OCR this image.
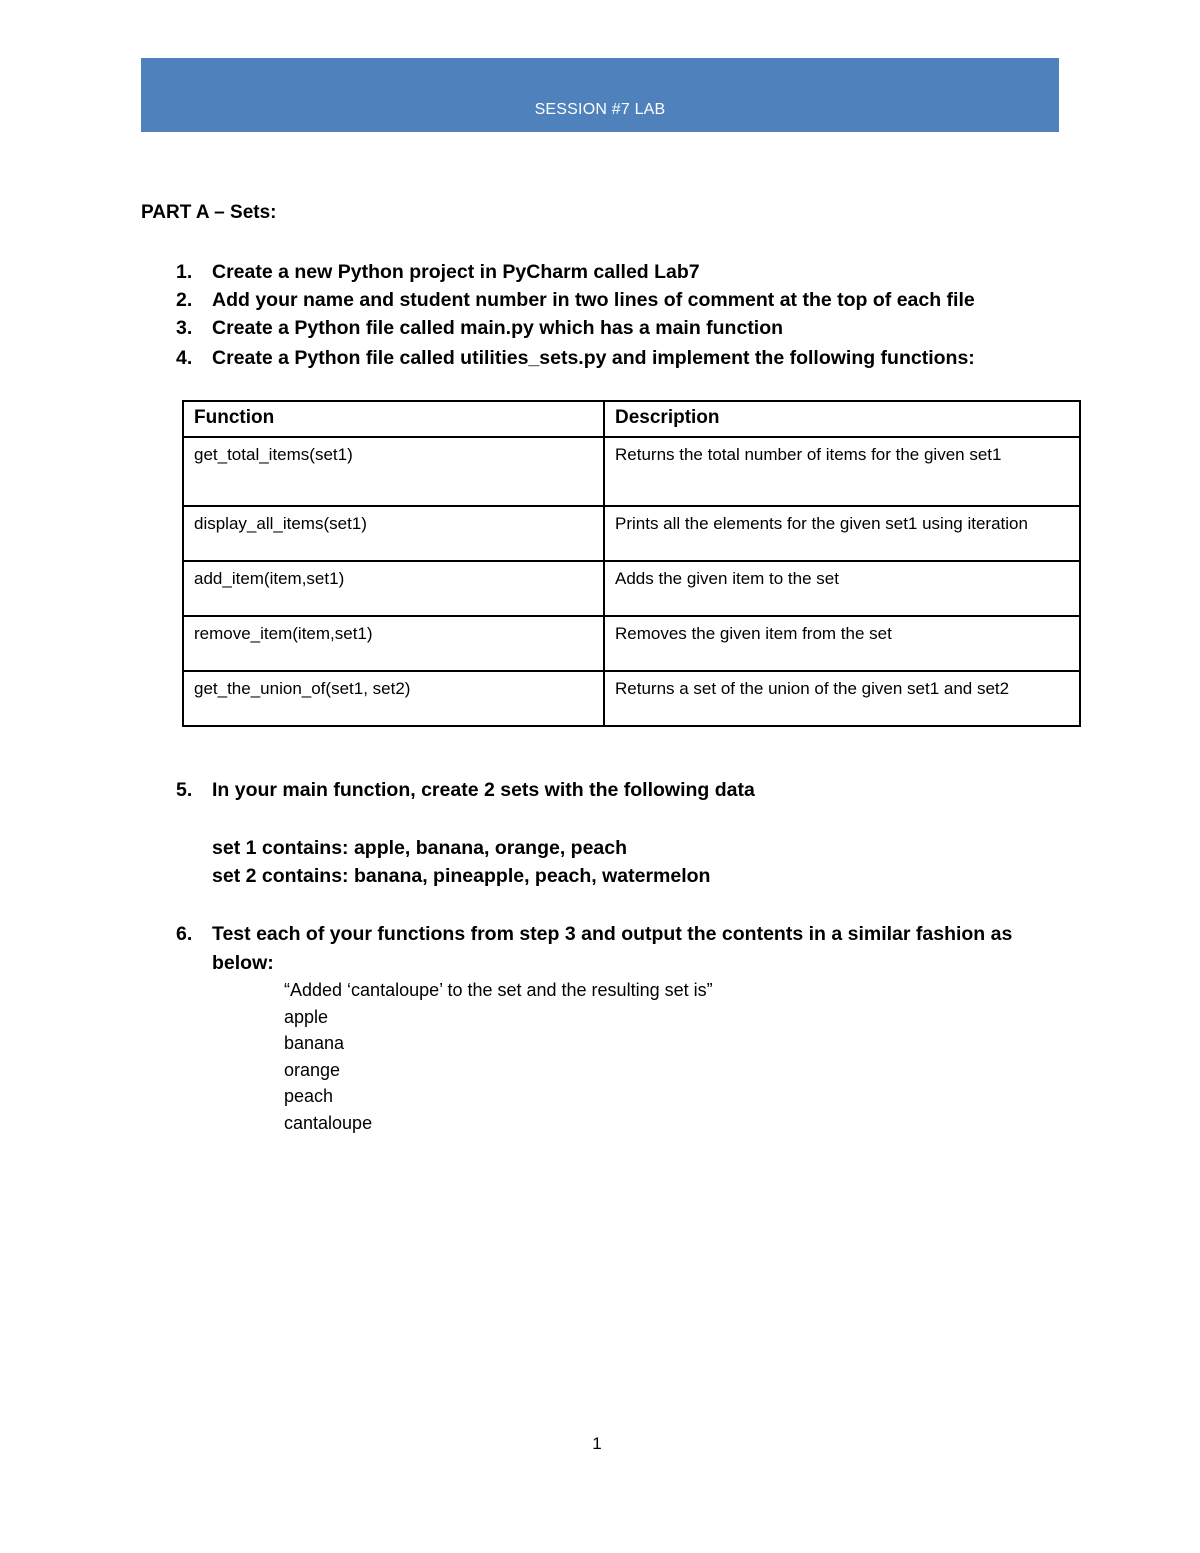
SESSION #7 LAB
PART A – Sets:
1.	Create a new Python project in PyCharm called Lab7
2.	Add your name and student number in two lines of comment at the top of each file
3.	Create a Python file called main.py which has a main function
4.	Create a Python file called utilities_sets.py and implement the following functions:
Function	Description
get_total_items(set1)	Returns the total number of items for the given set1
display_all_items(set1)	Prints all the elements for the given set1 using iteration
add_item(item,set1)	Adds the given item to the set
remove_item(item,set1)	Removes the given item from the set
get_the_union_of(set1, set2)	Returns a set of the union of the given set1 and set2
5.	In your main function, create 2 sets with the following data
set 1 contains: apple, banana, orange, peach
set 2 contains: banana, pineapple, peach, watermelon
6.	Test each of your functions from step 3 and output the contents in a similar fashion as below:
“Added ‘cantaloupe’ to the set and the resulting set is”
apple
banana
orange
peach
cantaloupe
1
